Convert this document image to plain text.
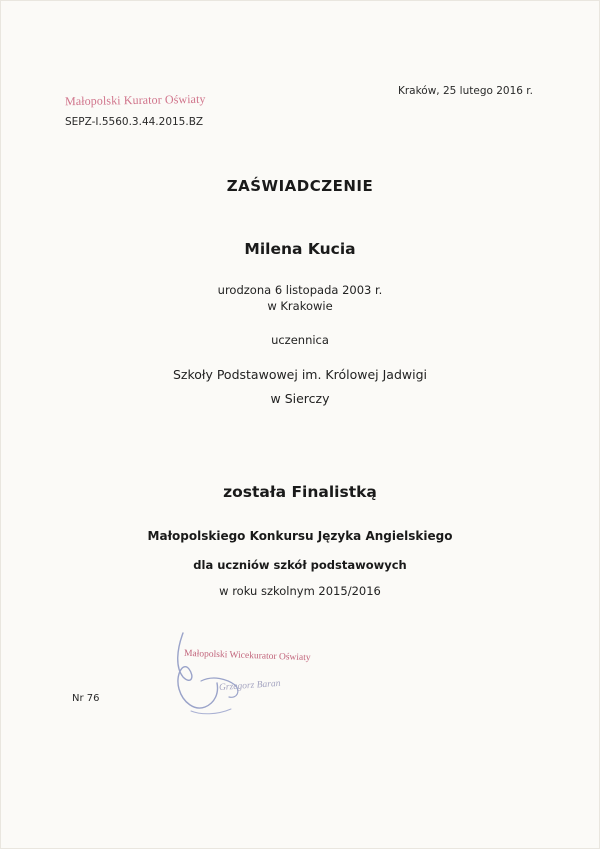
Małopolski Kurator Oświaty
SEPZ-I.5560.3.44.2015.BZ
Kraków, 25 lutego 2016 r.
ZAŚWIADCZENIE
Milena Kucia
urodzona 6 listopada 2003 r.
w Krakowie
uczennica
Szkoły Podstawowej im. Królowej Jadwigi
w Sierczy
została Finalistką
Małopolskiego Konkursu Języka Angielskiego
dla uczniów szkół podstawowych
w roku szkolnym 2015/2016
Małopolski Wicekurator Oświaty
Grzegorz Baran
Nr 76
